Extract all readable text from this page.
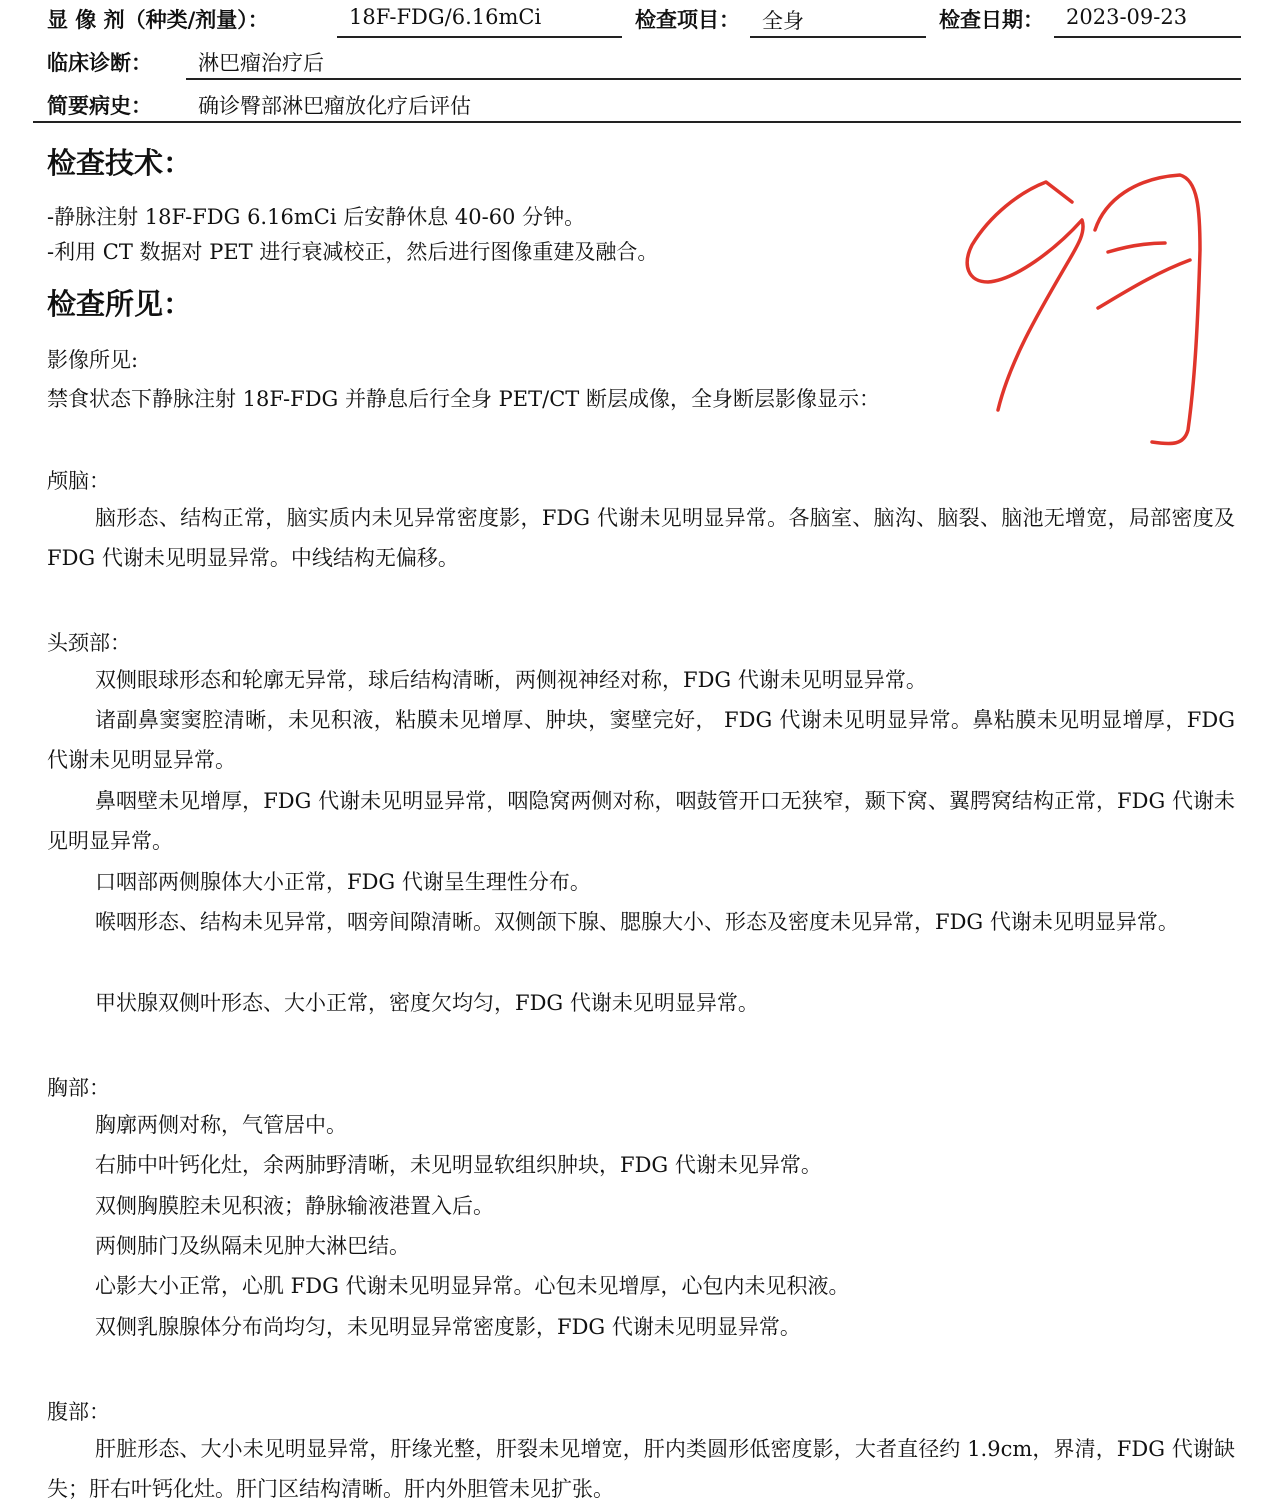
显 像 剂（种类/剂量）：	18F-FDG/6.16mCi	检查项目： 全身	检查日期： 2023-09-23
临床诊断： 淋巴瘤治疗后
简要病史： 确诊臀部淋巴瘤放化疗后评估
检查技术：
-静脉注射 18F-FDG 6.16mCi 后安静休息 40-60 分钟。
-利用 CT 数据对 PET 进行衰减校正，然后进行图像重建及融合。
检查所见：
影像所见:
禁食状态下静脉注射 18F-FDG 并静息后行全身 PET/CT 断层成像，全身断层影像显示：
颅脑：
脑形态、结构正常，脑实质内未见异常密度影，FDG 代谢未见明显异常。各脑室、脑沟、脑裂、脑池无增宽，局部密度及 FDG 代谢未见明显异常。中线结构无偏移。
头颈部：
双侧眼球形态和轮廓无异常，球后结构清晰，两侧视神经对称，FDG 代谢未见明显异常。
诸副鼻窦窦腔清晰，未见积液，粘膜未见增厚、肿块，窦壁完好， FDG 代谢未见明显异常。鼻粘膜未见明显增厚，FDG 代谢未见明显异常。
鼻咽壁未见增厚，FDG 代谢未见明显异常，咽隐窝两侧对称，咽鼓管开口无狭窄，颞下窝、翼腭窝结构正常，FDG 代谢未见明显异常。
口咽部两侧腺体大小正常，FDG 代谢呈生理性分布。
喉咽形态、结构未见异常，咽旁间隙清晰。双侧颌下腺、腮腺大小、形态及密度未见异常，FDG 代谢未见明显异常。
甲状腺双侧叶形态、大小正常，密度欠均匀，FDG 代谢未见明显异常。
胸部：
胸廓两侧对称，气管居中。
右肺中叶钙化灶，余两肺野清晰，未见明显软组织肿块，FDG 代谢未见异常。
双侧胸膜腔未见积液；静脉输液港置入后。
两侧肺门及纵隔未见肿大淋巴结。
心影大小正常，心肌 FDG 代谢未见明显异常。心包未见增厚，心包内未见积液。
双侧乳腺腺体分布尚均匀，未见明显异常密度影，FDG 代谢未见明显异常。
腹部：
肝脏形态、大小未见明显异常，肝缘光整，肝裂未见增宽，肝内类圆形低密度影，大者直径约 1.9cm，界清，FDG 代谢缺失；肝右叶钙化灶。肝门区结构清晰。肝内外胆管未见扩张。
